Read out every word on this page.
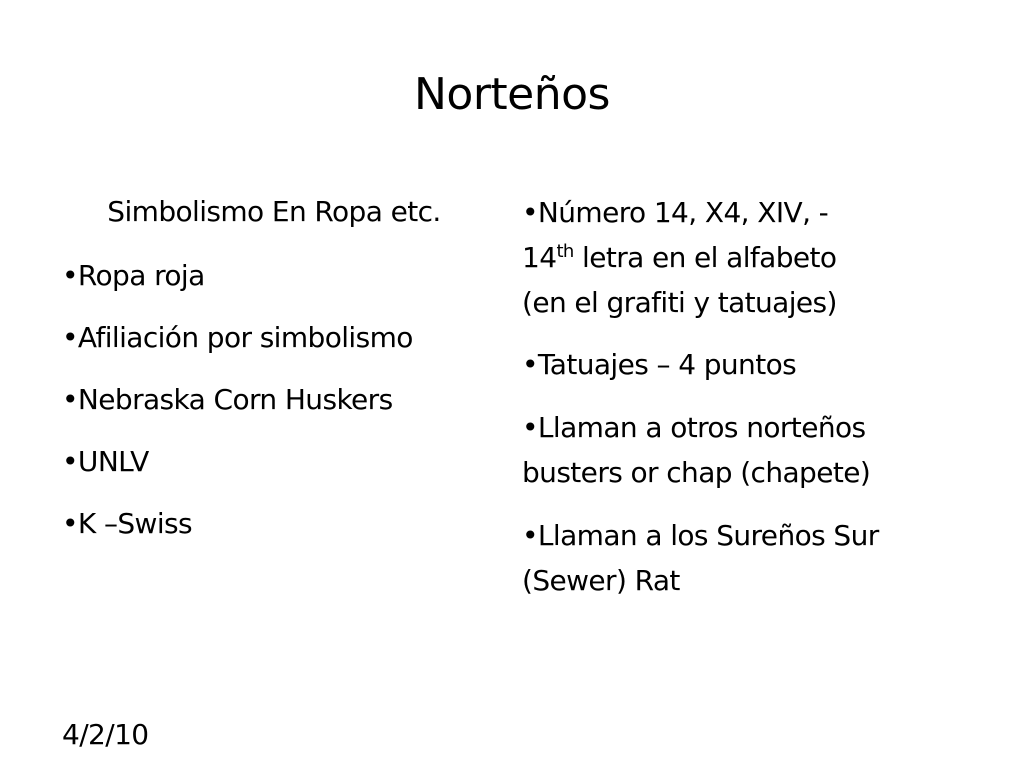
Norteños

Simbolismo En Ropa etc.

•Ropa roja

•Afiliación por simbolismo

•Nebraska Corn Huskers

•UNLV

•K –Swiss

•Número 14, X4, XIV, -
14th letra en el alfabeto
(en el grafiti y tatuajes)

•Tatuajes – 4 puntos

•Llaman a otros norteños
busters or chap (chapete)

•Llaman a los Sureños Sur
(Sewer) Rat

4/2/10
